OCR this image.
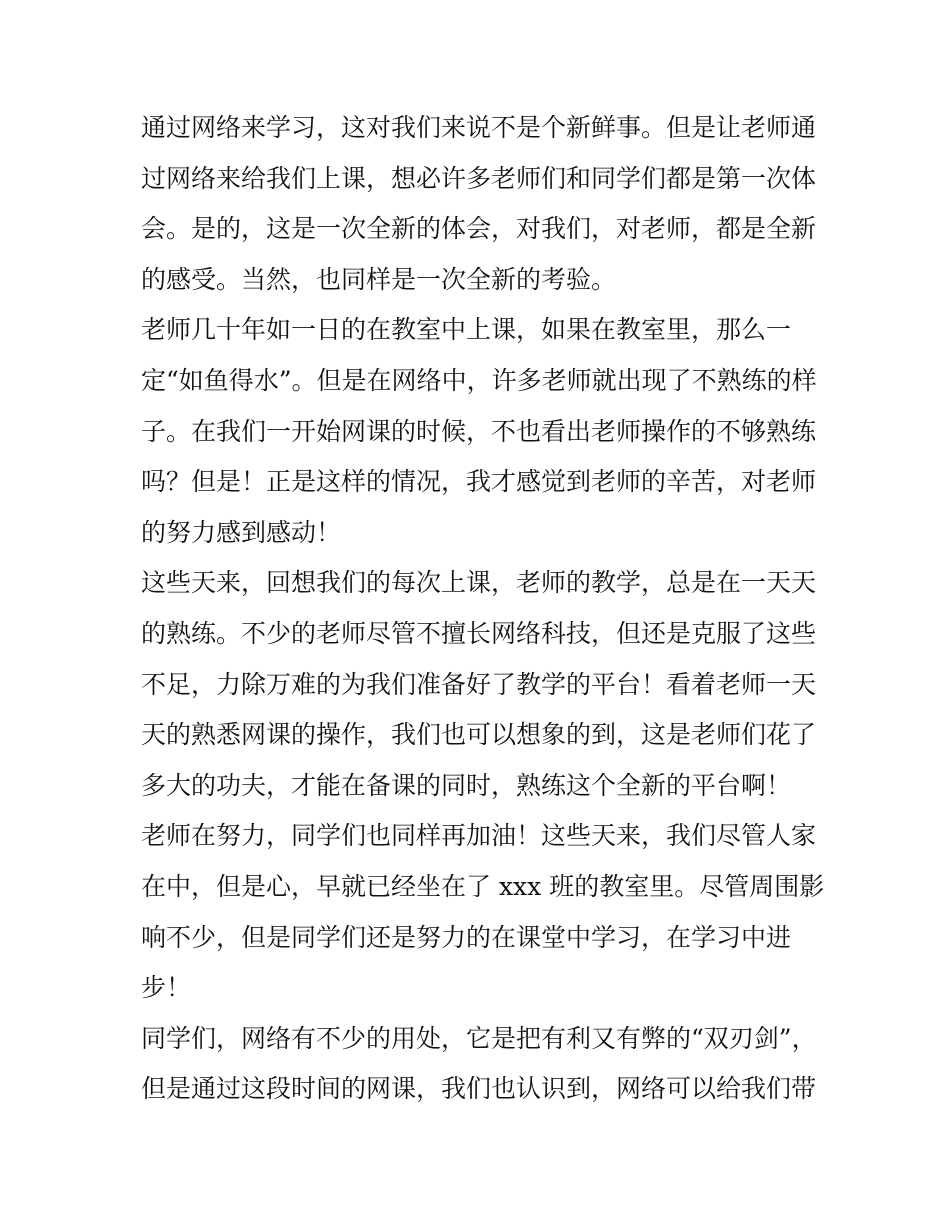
通过网络来学习，这对我们来说不是个新鲜事。但是让老师通
过网络来给我们上课，想必许多老师们和同学们都是第一次体
会。是的，这是一次全新的体会，对我们，对老师，都是全新
的感受。当然，也同样是一次全新的考验。
老师几十年如一日的在教室中上课，如果在教室里，那么一
定“如鱼得水”。但是在网络中，许多老师就出现了不熟练的样
子。在我们一开始网课的时候，不也看出老师操作的不够熟练
吗？但是！正是这样的情况，我才感觉到老师的辛苦，对老师
的努力感到感动！
这些天来，回想我们的每次上课，老师的教学，总是在一天天
的熟练。不少的老师尽管不擅长网络科技，但还是克服了这些
不足，力除万难的为我们准备好了教学的平台！看着老师一天
天的熟悉网课的操作，我们也可以想象的到，这是老师们花了
多大的功夫，才能在备课的同时，熟练这个全新的平台啊！
老师在努力，同学们也同样再加油！这些天来，我们尽管人家
在中，但是心，早就已经坐在了 xxx 班的教室里。尽管周围影
响不少，但是同学们还是努力的在课堂中学习，在学习中进
步！
同学们，网络有不少的用处，它是把有利又有弊的“双刃剑”，
但是通过这段时间的网课，我们也认识到，网络可以给我们带
